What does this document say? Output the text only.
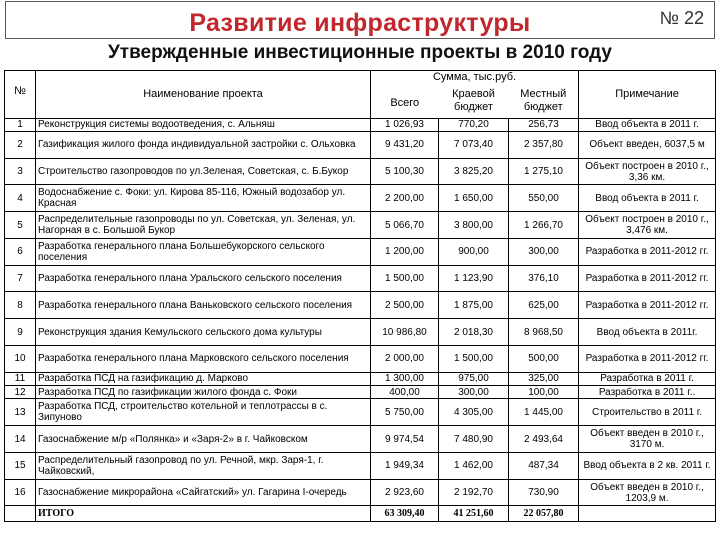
Развитие инфраструктуры	№ 22
Утвержденные инвестиционные проекты в 2010 году
№	Наименование проекта	Сумма, тыс.руб.			Примечание
		Всего	Краевой бюджет	Местный бюджет	
1	Реконструкция системы водоотведения, с. Альняш	1 026,93	770,20	256,73	Ввод объекта в 2011 г.
2	Газификация жилого фонда индивидуальной застройки с. Ольховка	9 431,20	7 073,40	2 357,80	Объект введен, 6037,5 м
3	Строительство газопроводов по ул.Зеленая, Советская, с. Б.Букор	5 100,30	3 825,20	1 275,10	Объект построен в 2010 г., 3,36 км.
4	Водоснабжение с. Фоки: ул. Кирова 85-116, Южный водозабор ул. Красная	2 200,00	1 650,00	550,00	Ввод объекта в 2011 г.
5	Распределительные газопроводы по ул. Советская, ул. Зеленая, ул. Нагорная в с. Большой Букор	5 066,70	3 800,00	1 266,70	Объект построен в 2010 г., 3,476 км.
6	Разработка генерального плана Большебукорского сельского поселения	1 200,00	900,00	300,00	Разработка в 2011-2012 гг.
7	Разработка генерального плана Уральского сельского поселения	1 500,00	1 123,90	376,10	Разработка в 2011-2012 гг.
8	Разработка генерального плана Ваньковского сельского поселения	2 500,00	1 875,00	625,00	Разработка в 2011-2012 гг.
9	Реконструкция здания Кемульского сельского дома культуры	10 986,80	2 018,30	8 968,50	Ввод объекта в 2011г.
10	Разработка генерального плана Марковского сельского поселения	2 000,00	1 500,00	500,00	Разработка в 2011-2012 гг.
11	Разработка ПСД на газификацию д. Марково	1 300,00	975,00	325,00	Разработка в 2011 г.
12	Разработка ПСД по газификации жилого фонда с. Фоки	400,00	300,00	100,00	Разработка в 2011 г..
13	Разработка ПСД, строительство котельной и теплотрассы в с. Зипуново	5 750,00	4 305,00	1 445,00	Строительство в 2011 г.
14	Газоснабжение м/р «Полянка» и «Заря-2» в г. Чайковском	9 974,54	7 480,90	2 493,64	Объект введен в 2010 г., 3170 м.
15	Распределительный газопровод по ул. Речной, мкр. Заря-1, г. Чайковский,	1 949,34	1 462,00	487,34	Ввод объекта в 2 кв. 2011 г.
16	Газоснабжение микрорайона «Сайгатский» ул. Гагарина I-очередь	2 923,60	2 192,70	730,90	Объект введен в 2010 г., 1203,9 м.
	ИТОГО	63 309,40	41 251,60	22 057,80	
